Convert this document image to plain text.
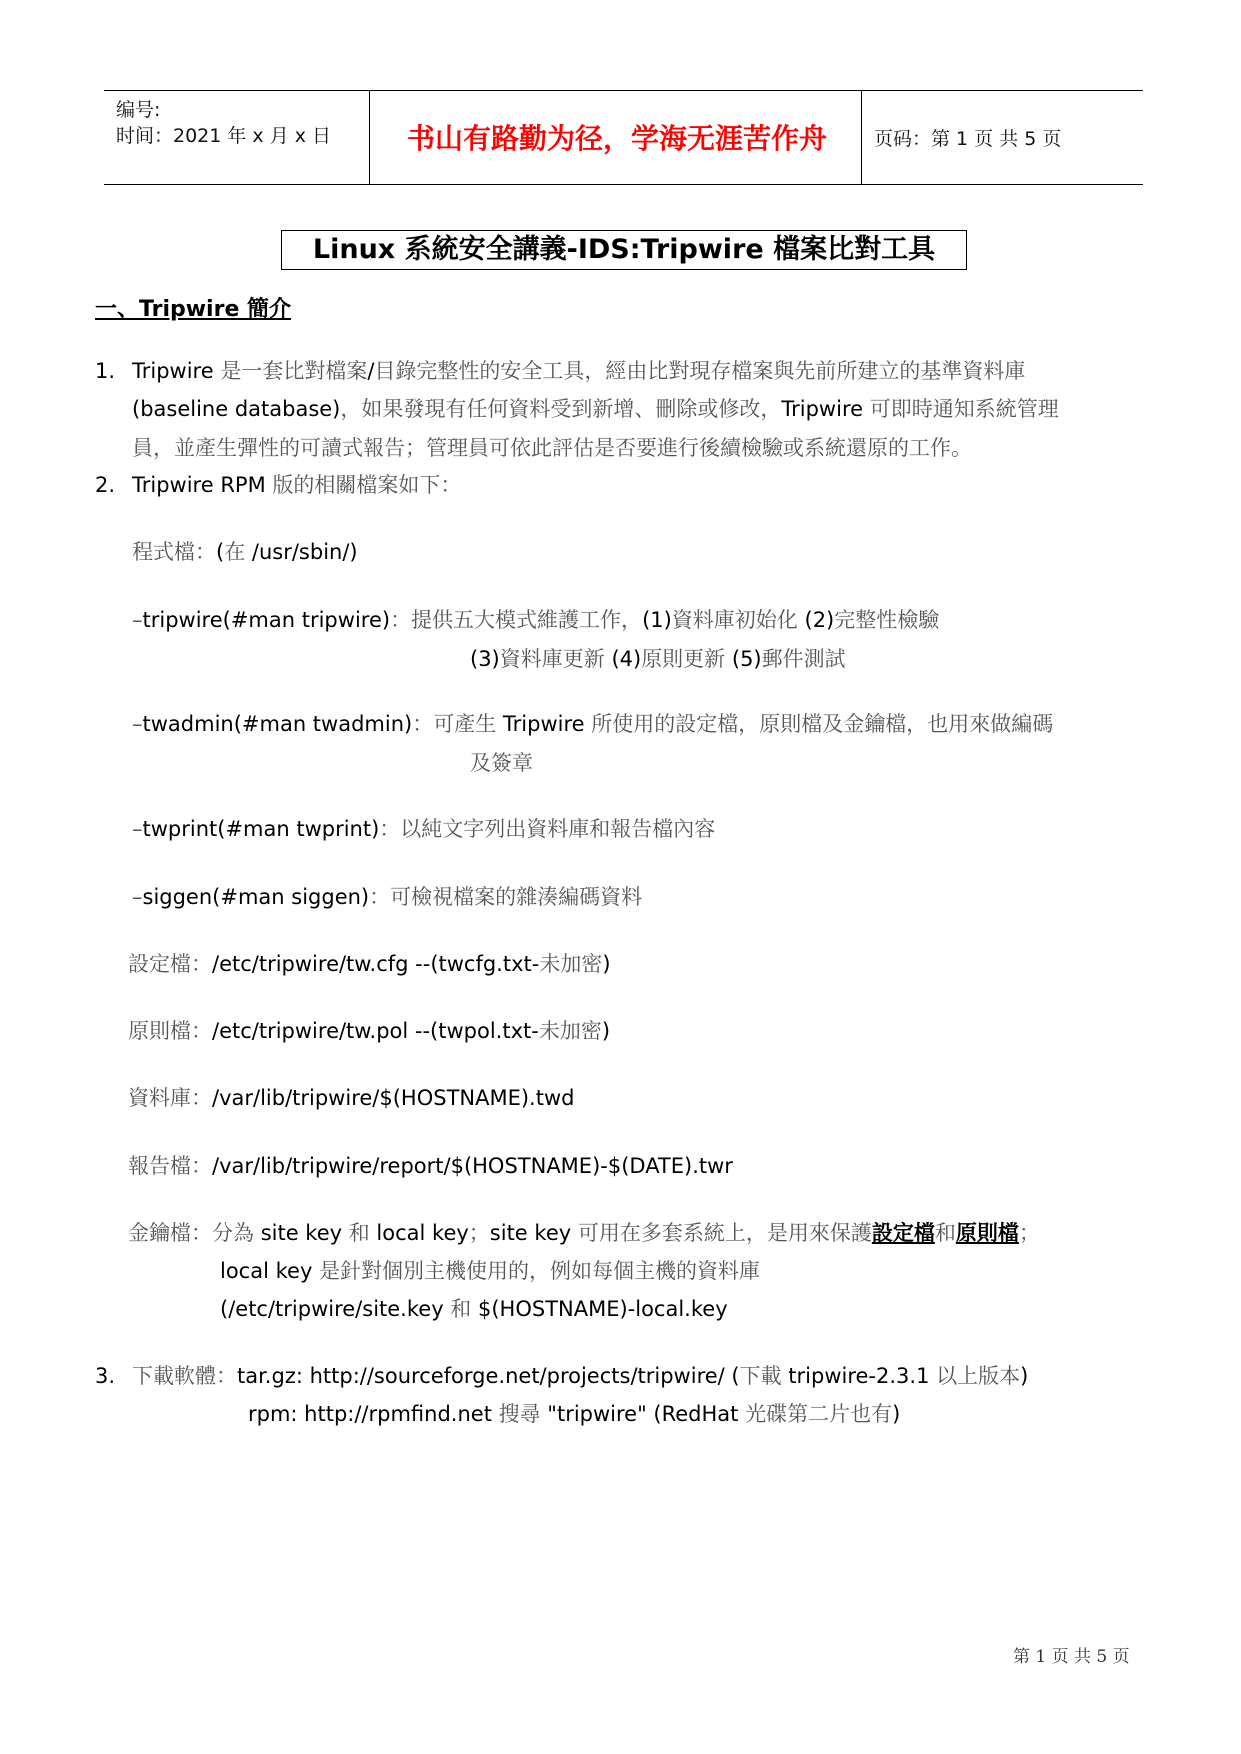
编号:
时间：2021 年 x 月 x 日	书山有路勤为径，学海无涯苦作舟	页码：第 1 页 共 5 页
Linux 系統安全講義-IDS:Tripwire 檔案比對工具
一、Tripwire 簡介
1.
2.
3.
Tripwire 是一套比對檔案/目錄完整性的安全工具，經由比對現存檔案與先前所建立的基準資料庫
(baseline database)，如果發現有任何資料受到新增、刪除或修改，Tripwire 可即時通知系統管理
員，並產生彈性的可讀式報告；管理員可依此評估是否要進行後續檢驗或系統還原的工作。
Tripwire RPM 版的相關檔案如下：
程式檔：(在 /usr/sbin/)
–tripwire(#man tripwire)：提供五大模式維護工作，(1)資料庫初始化 (2)完整性檢驗
(3)資料庫更新 (4)原則更新 (5)郵件測試
–twadmin(#man twadmin)：可產生 Tripwire 所使用的設定檔，原則檔及金鑰檔，也用來做編碼
及簽章
–twprint(#man twprint)：以純文字列出資料庫和報告檔內容
–siggen(#man siggen)：可檢視檔案的雜湊編碼資料
設定檔：/etc/tripwire/tw.cfg --(twcfg.txt-未加密)
原則檔：/etc/tripwire/tw.pol --(twpol.txt-未加密)
資料庫：/var/lib/tripwire/$(HOSTNAME).twd
報告檔：/var/lib/tripwire/report/$(HOSTNAME)-$(DATE).twr
金鑰檔：分為 site key 和 local key；site key 可用在多套系統上，是用來保護設定檔和原則檔；
local key 是針對個別主機使用的，例如每個主機的資料庫
(/etc/tripwire/site.key 和 $(HOSTNAME)-local.key
下載軟體：tar.gz: http://sourceforge.net/projects/tripwire/ (下載 tripwire-2.3.1 以上版本)
rpm: http://rpmfind.net 搜尋 "tripwire" (RedHat 光碟第二片也有)
第 1 页 共 5 页
